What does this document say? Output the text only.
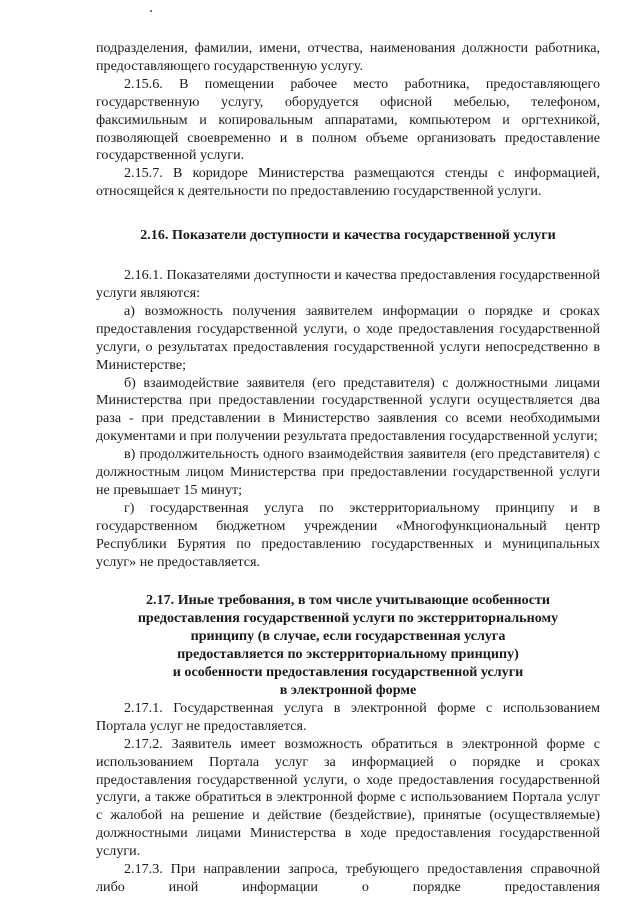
подразделения, фамилии, имени, отчества, наименования должности работника, предоставляющего государственную услугу.

2.15.6. В помещении рабочее место работника, предоставляющего государственную услугу, оборудуется офисной мебелью, телефоном, факсимильным и копировальным аппаратами, компьютером и оргтехникой, позволяющей своевременно и в полном объеме организовать предоставление государственной услуги.

2.15.7. В коридоре Министерства размещаются стенды с информацией, относящейся к деятельности по предоставлению государственной услуги.

2.16. Показатели доступности и качества государственной услуги

2.16.1. Показателями доступности и качества предоставления государственной услуги являются:

а) возможность получения заявителем информации о порядке и сроках предоставления государственной услуги, о ходе предоставления государственной услуги, о результатах предоставления государственной услуги непосредственно в Министерстве;

б) взаимодействие заявителя (его представителя) с должностными лицами Министерства при предоставлении государственной услуги осуществляется два раза - при представлении в Министерство заявления со всеми необходимыми документами и при получении результата предоставления государственной услуги;

в) продолжительность одного взаимодействия заявителя (его представителя) с должностным лицом Министерства при предоставлении государственной услуги не превышает 15 минут;

г) государственная услуга по экстерриториальному принципу и в государственном бюджетном учреждении «Многофункциональный центр Республики Бурятия по предоставлению государственных и муниципальных услуг» не предоставляется.

2.17. Иные требования, в том числе учитывающие особенности

предоставления государственной услуги по экстерриториальному

принципу (в случае, если государственная услуга

предоставляется по экстерриториальному принципу)

и особенности предоставления государственной услуги

в электронной форме

2.17.1. Государственная услуга в электронной форме с использованием Портала услуг не предоставляется.

2.17.2. Заявитель имеет возможность обратиться в электронной форме с использованием Портала услуг за информацией о порядке и сроках предоставления государственной услуги, о ходе предоставления государственной услуги, а также обратиться в электронной форме с использованием Портала услуг с жалобой на решение и действие (бездействие), принятые (осуществляемые) должностными лицами Министерства в ходе предоставления государственной услуги.

2.17.3. При направлении запроса, требующего предоставления справочной либо иной информации о порядке предоставления
